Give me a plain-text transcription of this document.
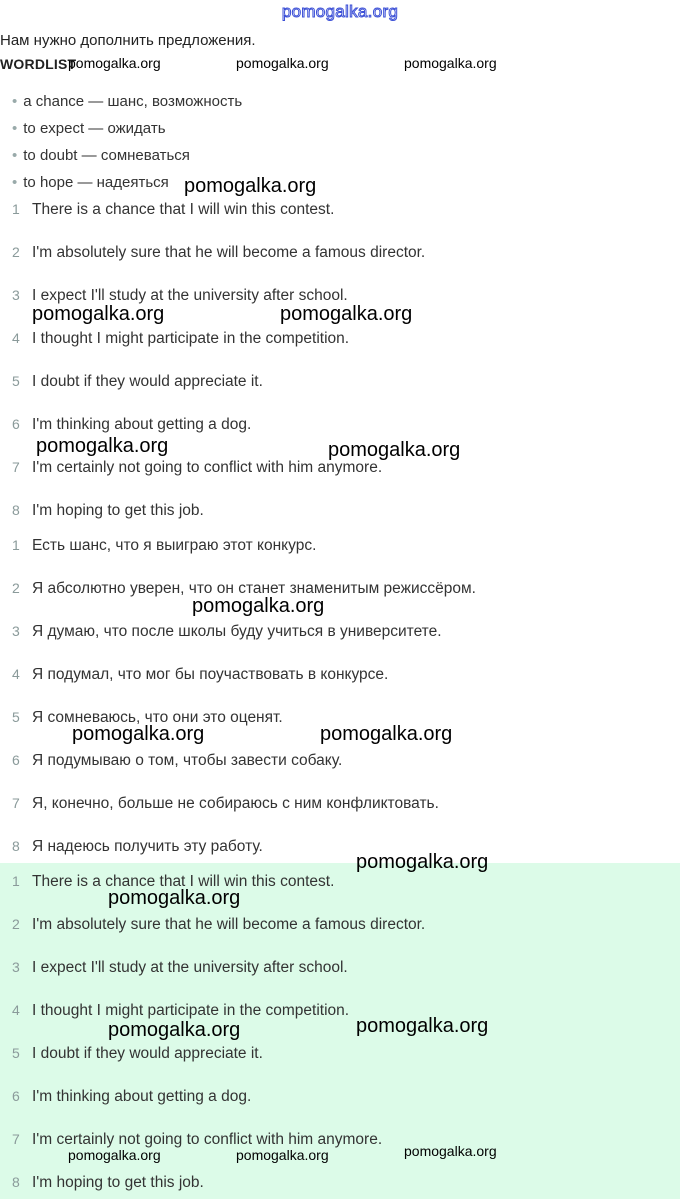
pomogalka.org
Нам нужно дополнить предложения.
WORDLIST
• a chance — шанс, возможность
• to expect — ожидать
• to doubt — сомневаться
• to hope — надеяться
1 There is a chance that I will win this contest.
2 I'm absolutely sure that he will become a famous director.
3 I expect I'll study at the university after school.
4 I thought I might participate in the competition.
5 I doubt if they would appreciate it.
6 I'm thinking about getting a dog.
7 I'm certainly not going to conflict with him anymore.
8 I'm hoping to get this job.
1 Есть шанс, что я выиграю этот конкурс.
2 Я абсолютно уверен, что он станет знаменитым режиссёром.
3 Я думаю, что после школы буду учиться в университете.
4 Я подумал, что мог бы поучаствовать в конкурсе.
5 Я сомневаюсь, что они это оценят.
6 Я подумываю о том, чтобы завести собаку.
7 Я, конечно, больше не собираюсь с ним конфликтовать.
8 Я надеюсь получить эту работу.
1 There is a chance that I will win this contest.
2 I'm absolutely sure that he will become a famous director.
3 I expect I'll study at the university after school.
4 I thought I might participate in the competition.
5 I doubt if they would appreciate it.
6 I'm thinking about getting a dog.
7 I'm certainly not going to conflict with him anymore.
8 I'm hoping to get this job.
pomogalka.org	pomogalka.org	pomogalka.org
pomogalka.org
pomogalka.org	pomogalka.org
pomogalka.org	pomogalka.org
pomogalka.org
pomogalka.org	pomogalka.org
pomogalka.org
pomogalka.org
pomogalka.org
pomogalka.org
pomogalka.org	pomogalka.org	pomogalka.org
